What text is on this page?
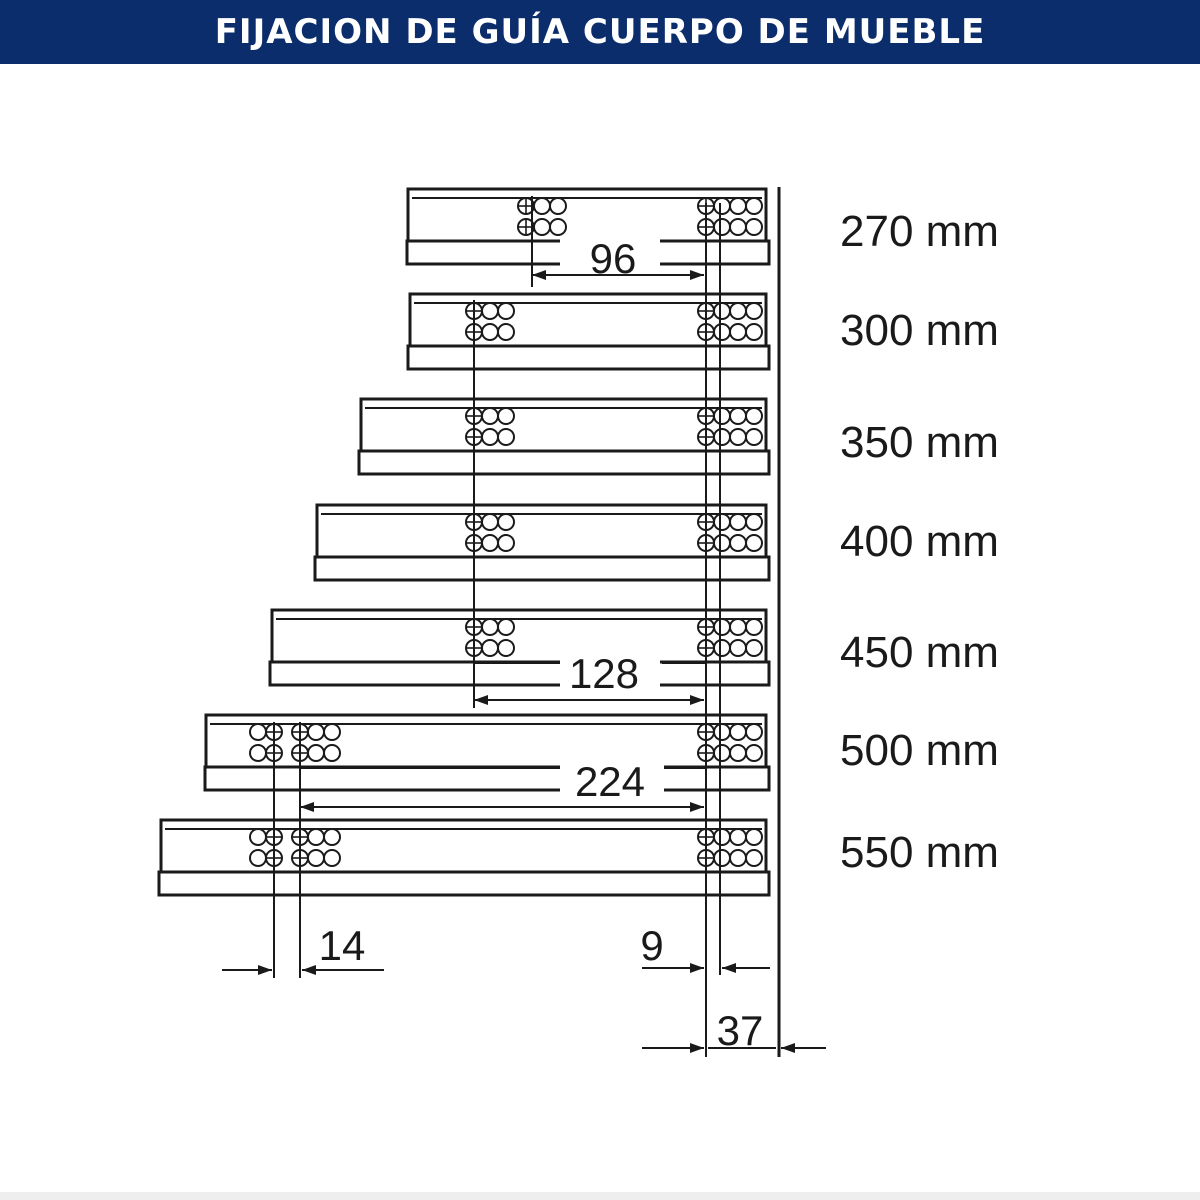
FIJACION DE GUÍA CUERPO DE MUEBLE
270 mm
300 mm
350 mm
400 mm
450 mm
500 mm
550 mm
96
128
224
14	9
37
